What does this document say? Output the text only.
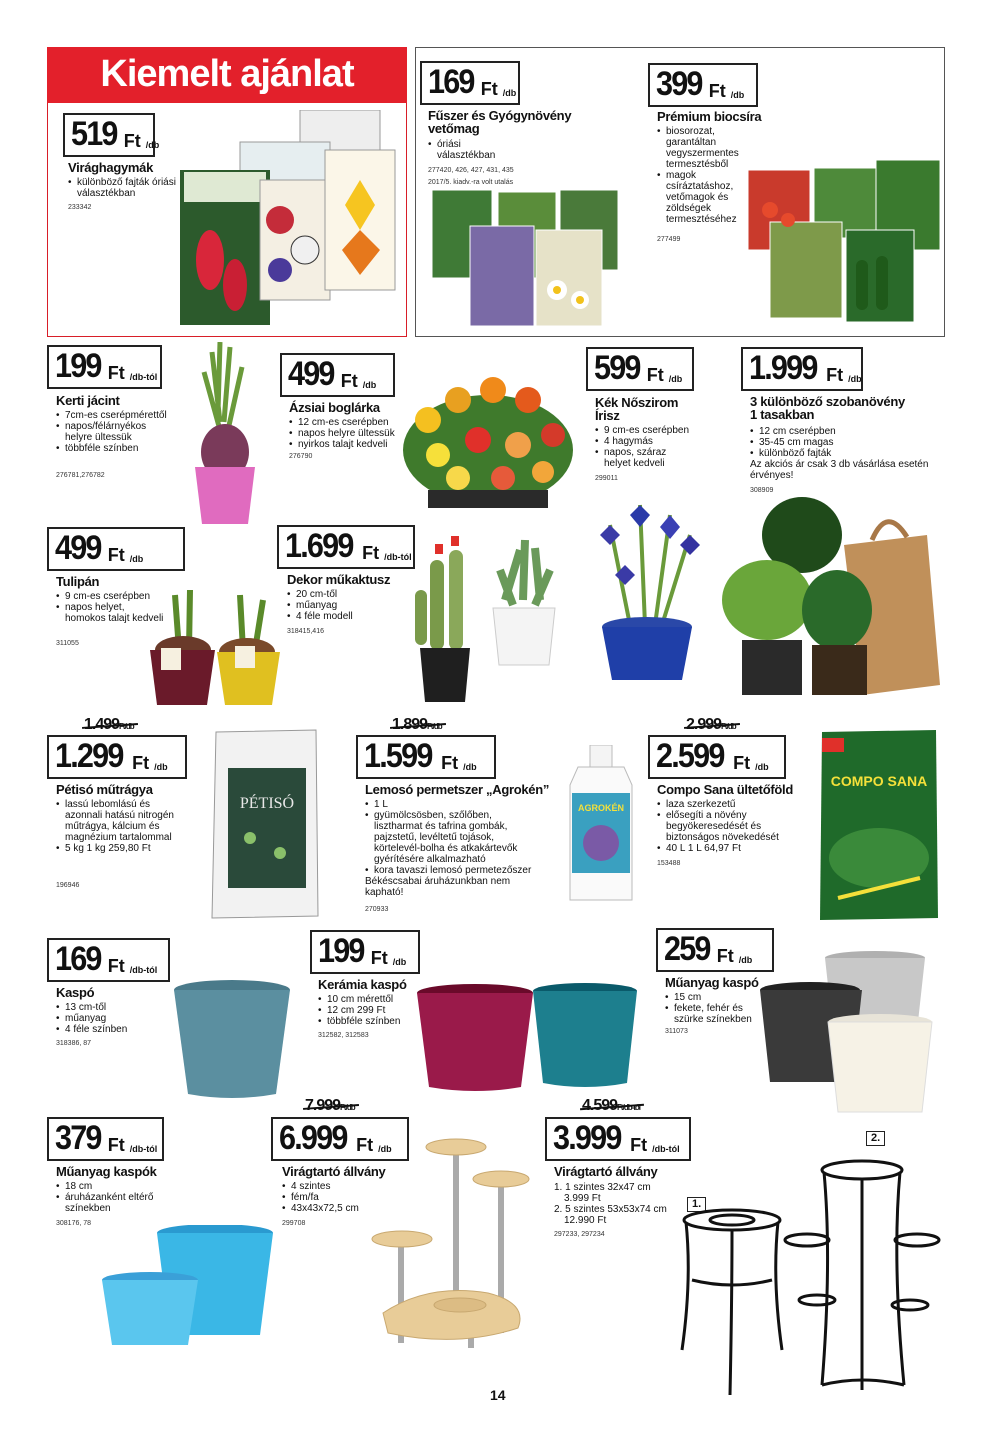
Kiemelt ajánlat
519 Ft /db
Virághagymák
• különböző fajták óriási választékban
233342
169 Ft /db
Fűszer és Gyógynövény vetőmag
• óriási választékban
277420, 426, 427, 431, 435
2017/5. kiadv.-ra volt utalás
399 Ft /db
Prémium biocsíra
• biosorozat, garantáltan vegyszermentes termesztésből
• magok csíráztatáshoz, vetőmagok és zöldségek termesztéséhez
277499
199 Ft /db-tól
Kerti jácint
• 7cm-es cserépmérettől
• napos/félárnyékos helyre ültessük
• többféle színben
276781,276782
499 Ft /db
Ázsiai boglárka
• 12 cm-es cserépben
• napos helyre ültessük
• nyirkos talajt kedveli
276790
599 Ft /db
Kék Nőszirom Írisz
• 9 cm-es cserépben
• 4 hagymás
• napos, száraz helyet kedveli
299011
1.999 Ft /db
3 különböző szobanövény 1 tasakban
• 12 cm cserépben
• 35-45 cm magas
• különböző fajták
Az akciós ár csak 3 db vásárlása esetén érvényes!
308909
499 Ft /db
Tulipán
• 9 cm-es cserépben
• napos helyet, homokos talajt kedveli
311055
1.699 Ft /db-tól
Dekor műkaktusz
• 20 cm-től
• műanyag
• 4 féle modell
318415,416
1.499Ft/db
1.299 Ft /db
Pétisó műtrágya
• lassú lebomlású és azonnali hatású nitrogén műtrágya, kálcium és magnézium tartalommal
• 5 kg 1 kg 259,80 Ft
196946
PÉTISÓ
1.899Ft/db
1.599 Ft /db
Lemosó permetszer „Agrokén”
• 1 L
• gyümölcsösben, szőlőben, lisztharmat és tafrina gombák, pajzstetű, levéltetű tojások, körtelevél-bolha és atkakártevők gyérítésére alkalmazható
• kora tavaszi lemosó permetezőszer
Békéscsabai áruházunkban nem kapható!
270933
AGROKÉN
2.999Ft/db
2.599 Ft /db
Compo Sana ültetőföld
• laza szerkezetű
• elősegíti a növény begyökeresedését és biztonságos növekedését
• 40 L 1 L 64,97 Ft
153488
COMPO SANA
169 Ft /db-tól
Kaspó
• 13 cm-től
• műanyag
• 4 féle színben
318386, 87
199 Ft /db
Kerámia kaspó
• 10 cm mérettől
• 12 cm 299 Ft
• többféle színben
312582, 312583
259 Ft /db
Műanyag kaspó
• 15 cm
• fekete, fehér és szürke színekben
311073
379 Ft /db-tól
Műanyag kaspók
• 18 cm
• áruházanként eltérő színekben
308176, 78
7.999Ft/db
6.999 Ft /db
Virágtartó állvány
• 4 szintes
• fém/fa
• 43x43x72,5 cm
299708
4.599Ft/db-tól
3.999 Ft /db-tól
Virágtartó állvány
1. 1 szintes 32x47 cm
3.999 Ft
2. 5 szintes 53x53x74 cm
12.990 Ft
297233, 297234
1.
2.
14
